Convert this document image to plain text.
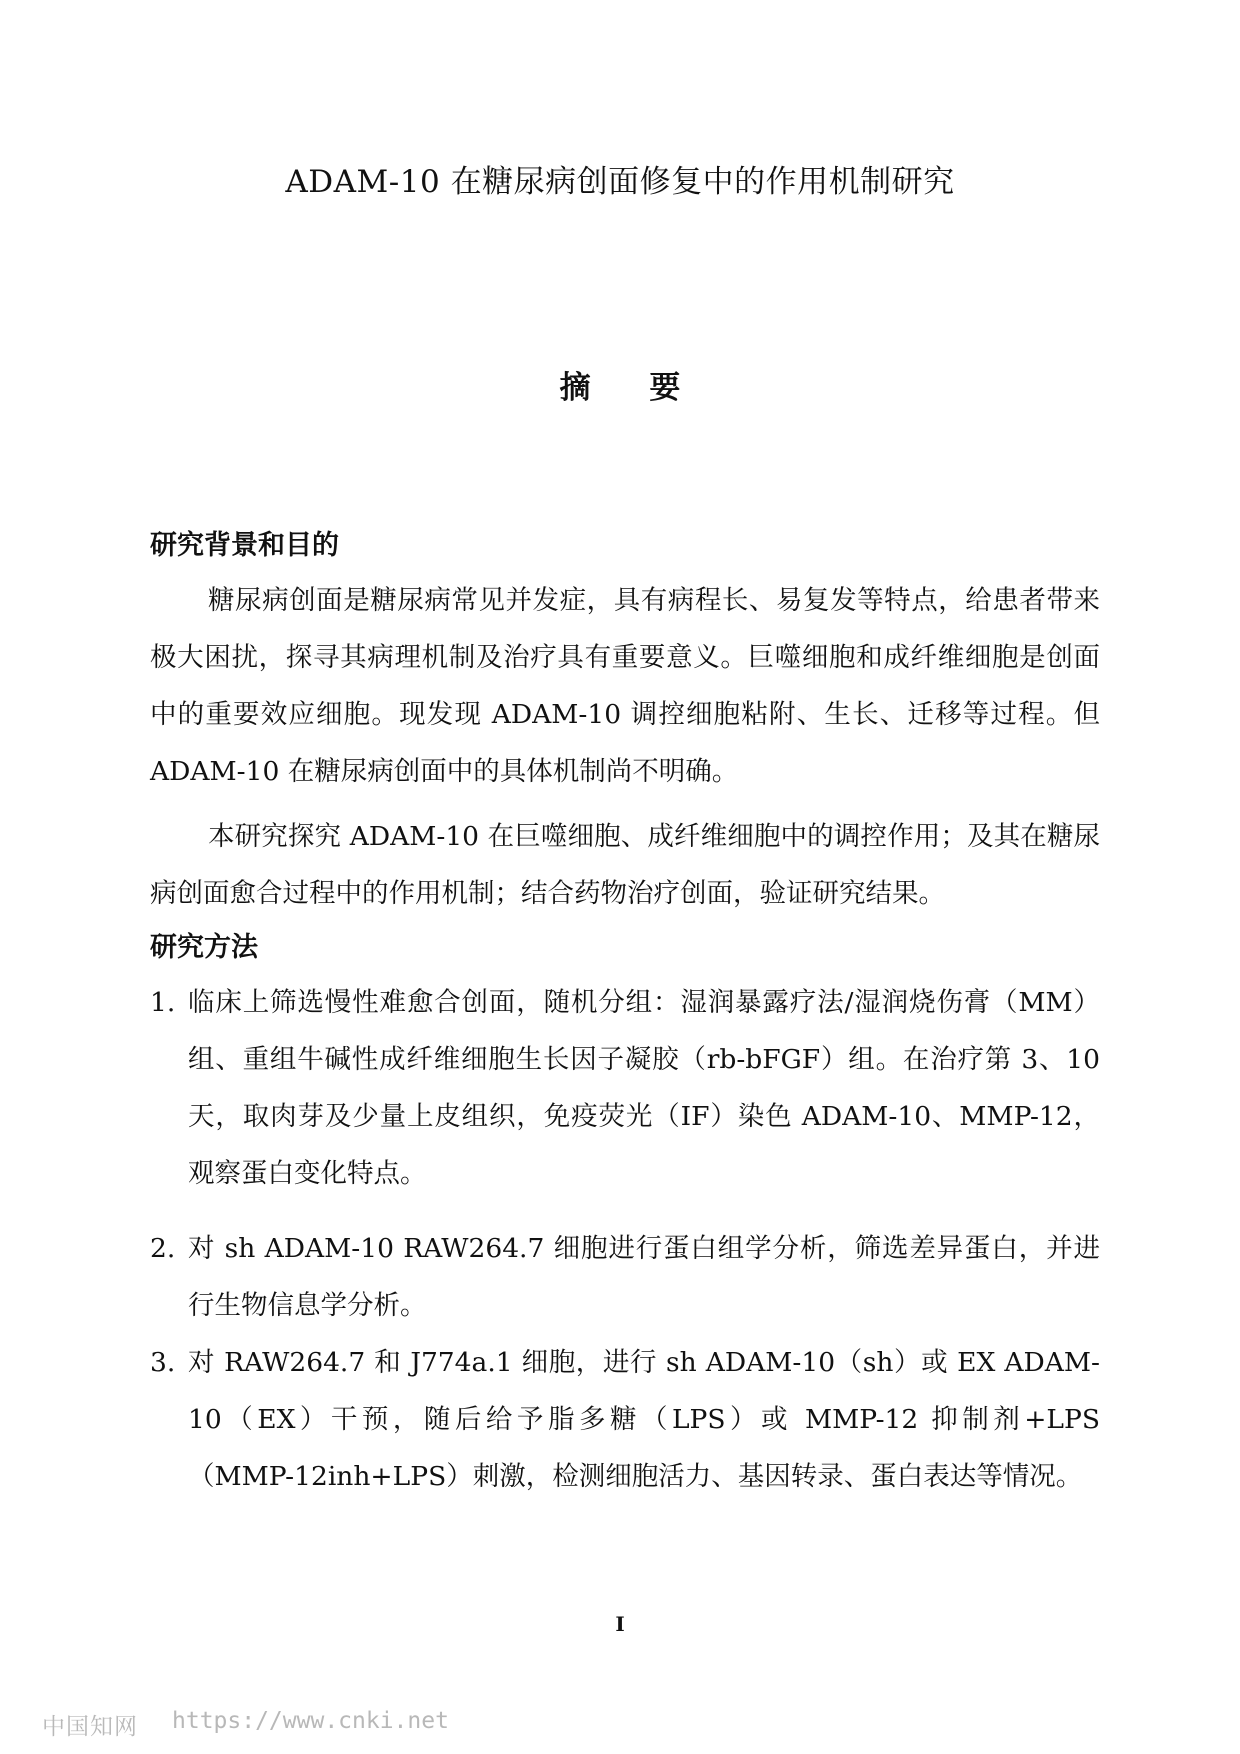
ADAM-10 在糖尿病创面修复中的作用机制研究
摘 要
研究背景和目的

糖尿病创面是糖尿病常见并发症，具有病程长、易复发等特点，给患者带来极大困扰，探寻其病理机制及治疗具有重要意义。巨噬细胞和成纤维细胞是创面中的重要效应细胞。现发现 ADAM-10 调控细胞粘附、生长、迁移等过程。但 ADAM-10 在糖尿病创面中的具体机制尚不明确。

本研究探究 ADAM-10 在巨噬细胞、成纤维细胞中的调控作用；及其在糖尿病创面愈合过程中的作用机制；结合药物治疗创面，验证研究结果。

研究方法
1. 临床上筛选慢性难愈合创面，随机分组：湿润暴露疗法/湿润烧伤膏（MM）组、重组牛碱性成纤维细胞生长因子凝胶（rb-bFGF）组。在治疗第 3、10 天，取肉芽及少量上皮组织，免疫荧光（IF）染色 ADAM-10、MMP-12，观察蛋白变化特点。
2. 对 sh ADAM-10 RAW264.7 细胞进行蛋白组学分析，筛选差异蛋白，并进行生物信息学分析。
3. 对 RAW264.7 和 J774a.1 细胞，进行 sh ADAM-10（sh）或 EX ADAM-10（EX）干预，随后给予脂多糖（LPS）或 MMP-12 抑制剂+LPS（MMP-12inh+LPS）刺激，检测细胞活力、基因转录、蛋白表达等情况。
I
中国知网 https://www.cnki.net
